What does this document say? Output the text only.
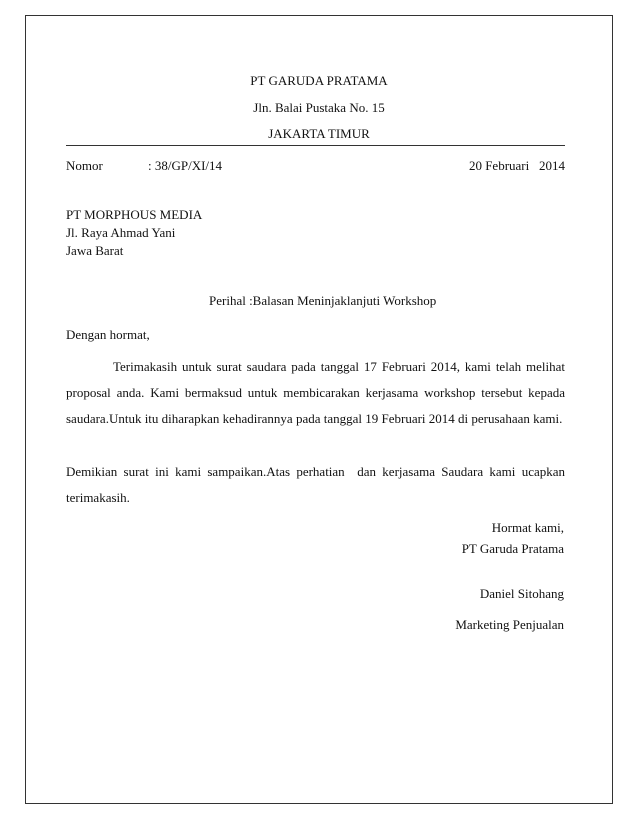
PT GARUDA PRATAMA
Jln. Balai Pustaka No. 15
JAKARTA TIMUR
Nomor	: 38/GP/XI/14	20 Februari   2014
PT MORPHOUS MEDIA
Jl. Raya Ahmad Yani
Jawa Barat
Perihal :Balasan Meninjaklanjuti Workshop
Dengan hormat,
Terimakasih untuk surat saudara pada tanggal 17 Februari 2014, kami telah melihat
proposal anda. Kami bermaksud untuk membicarakan kerjasama workshop tersebut kepada
saudara.Untuk itu diharapkan kehadirannya pada tanggal 19 Februari 2014 di perusahaan kami.
Demikian surat ini kami sampaikan.Atas perhatian  dan kerjasama Saudara kami ucapkan
terimakasih.
Hormat kami,
PT Garuda Pratama
Daniel Sitohang
Marketing Penjualan
